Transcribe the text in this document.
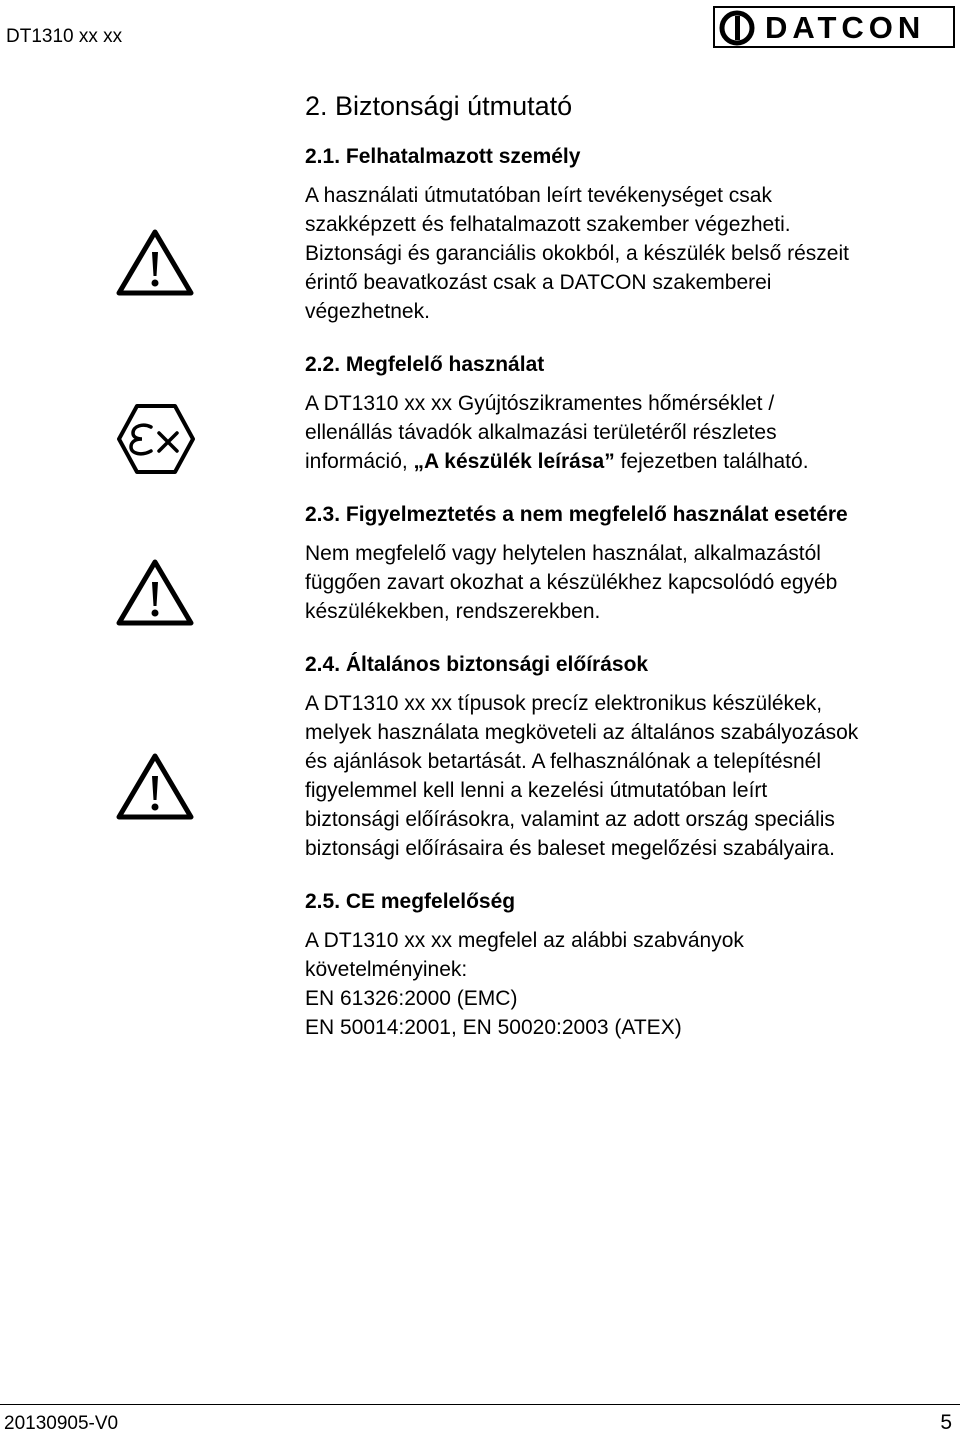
DT1310 xx xx	DATCON
2. Biztonsági útmutató
2.1. Felhatalmazott személy
A használati útmutatóban leírt tevékenységet csak
szakképzett és felhatalmazott szakember végezheti.
Biztonsági és garanciális okokból, a készülék belső részeit
érintő beavatkozást csak a DATCON szakemberei
végezhetnek.
2.2. Megfelelő használat
A DT1310 xx xx Gyújtószikramentes hőmérséklet /
ellenállás távadók alkalmazási területéről részletes
információ, „A készülék leírása” fejezetben található.
2.3. Figyelmeztetés a nem megfelelő használat esetére
Nem megfelelő vagy helytelen használat, alkalmazástól
függően zavart okozhat a készülékhez kapcsolódó egyéb
készülékekben, rendszerekben.
2.4. Általános biztonsági előírások
A DT1310 xx xx típusok precíz elektronikus készülékek,
melyek használata megköveteli az általános szabályozások
és ajánlások betartását. A felhasználónak a telepítésnél
figyelemmel kell lenni a kezelési útmutatóban leírt
biztonsági előírásokra, valamint az adott ország speciális
biztonsági előírásaira és baleset megelőzési szabályaira.
2.5. CE megfelelőség
A DT1310 xx xx megfelel az alábbi szabványok
követelményinek:
EN 61326:2000 (EMC)
EN 50014:2001, EN 50020:2003 (ATEX)
20130905-V0	5
